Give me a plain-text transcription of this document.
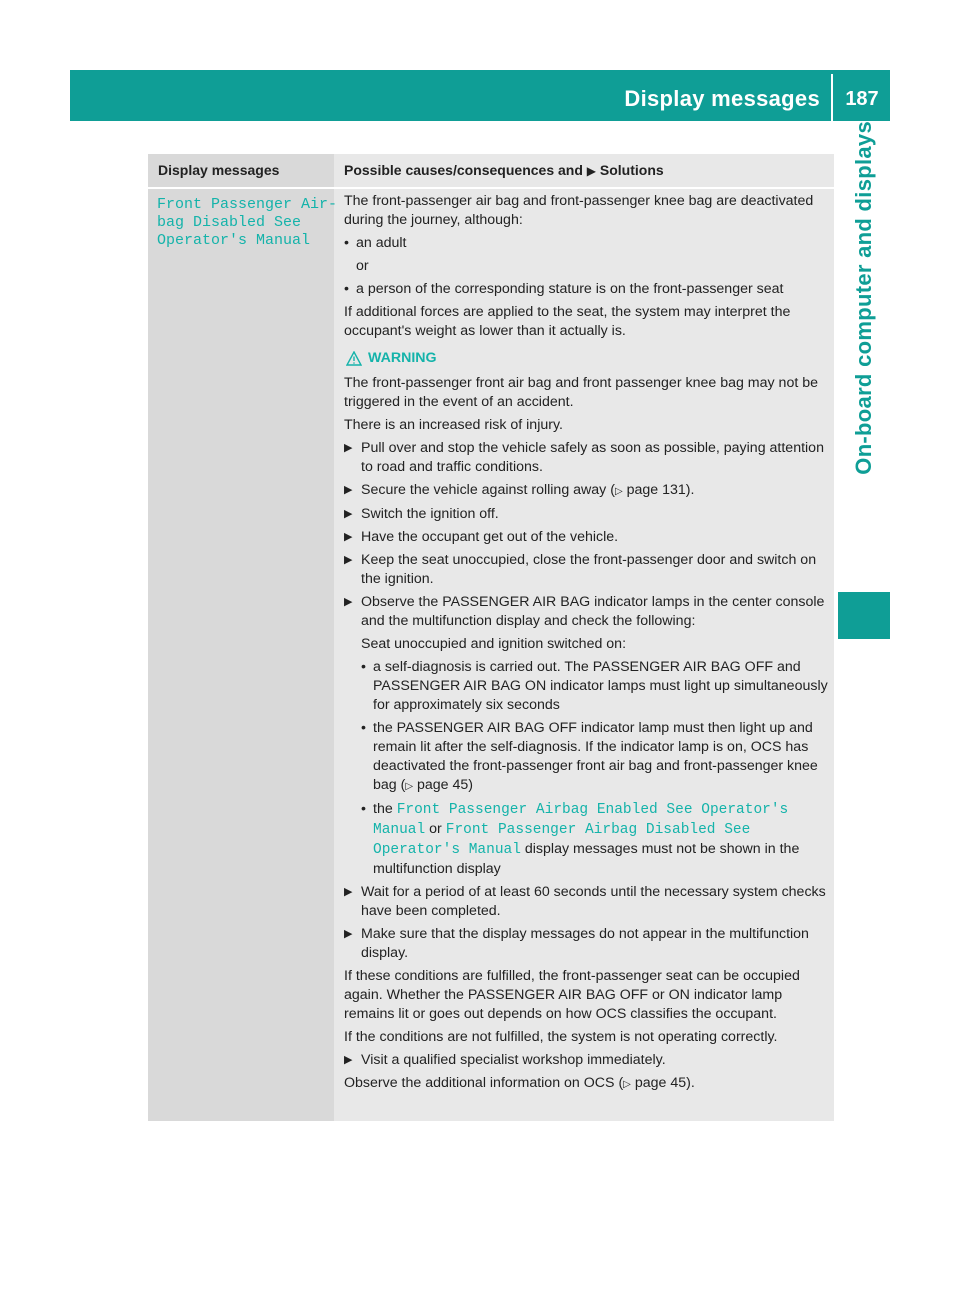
Display messages	187
On-board computer and displays
Display messages	Possible causes/consequences and ▶ Solutions
Front Passenger Air‐
bag Disabled See
Operator's Manual

The front-passenger air bag and front-passenger knee bag are deactivated during the journey, although:

• an adult
or
• a person of the corresponding stature is on the front-passenger seat

If additional forces are applied to the seat, the system may interpret the occupant's weight as lower than it actually is.

WARNING

The front-passenger front air bag and front passenger knee bag may not be triggered in the event of an accident.

There is an increased risk of injury.

▶ Pull over and stop the vehicle safely as soon as possible, paying attention to road and traffic conditions.
▶ Secure the vehicle against rolling away (▷ page 131).
▶ Switch the ignition off.
▶ Have the occupant get out of the vehicle.
▶ Keep the seat unoccupied, close the front-passenger door and switch on the ignition.
▶ Observe the PASSENGER AIR BAG indicator lamps in the center console and the multifunction display and check the following:

Seat unoccupied and ignition switched on:

• a self-diagnosis is carried out. The PASSENGER AIR BAG OFF and PASSENGER AIR BAG ON indicator lamps must light up simultaneously for approximately six seconds
• the PASSENGER AIR BAG OFF indicator lamp must then light up and remain lit after the self-diagnosis. If the indicator lamp is on, OCS has deactivated the front-passenger front air bag and front-passenger knee bag (▷ page 45)
• the Front Passenger Airbag Enabled See Operator's Manual or Front Passenger Airbag Disabled See Operator's Manual display messages must not be shown in the multifunction display
▶ Wait for a period of at least 60 seconds until the necessary system checks have been completed.
▶ Make sure that the display messages do not appear in the multifunction display.

If these conditions are fulfilled, the front-passenger seat can be occupied again. Whether the PASSENGER AIR BAG OFF or ON indicator lamp remains lit or goes out depends on how OCS classifies the occupant.

If the conditions are not fulfilled, the system is not operating correctly.

▶ Visit a qualified specialist workshop immediately.

Observe the additional information on OCS (▷ page 45).
